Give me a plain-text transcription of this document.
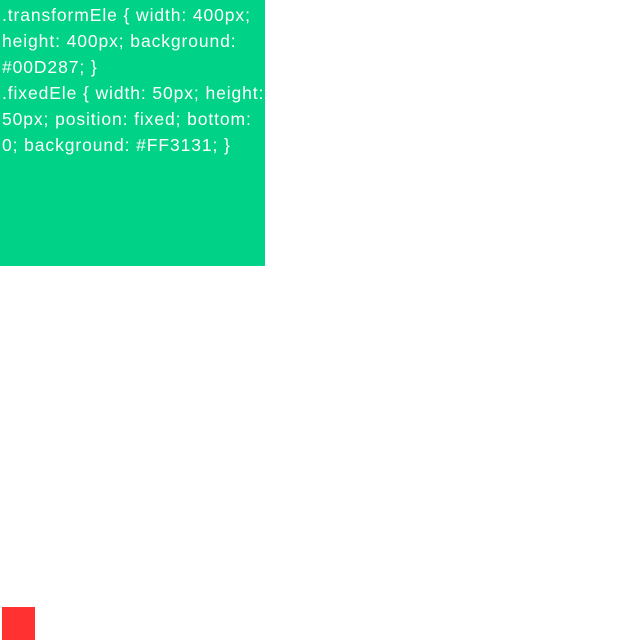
.transformEle { width: 400px;
height: 400px; background:
#00D287; }
.fixedEle { width: 50px; height:
50px; position: fixed; bottom:
0; background: #FF3131; }
